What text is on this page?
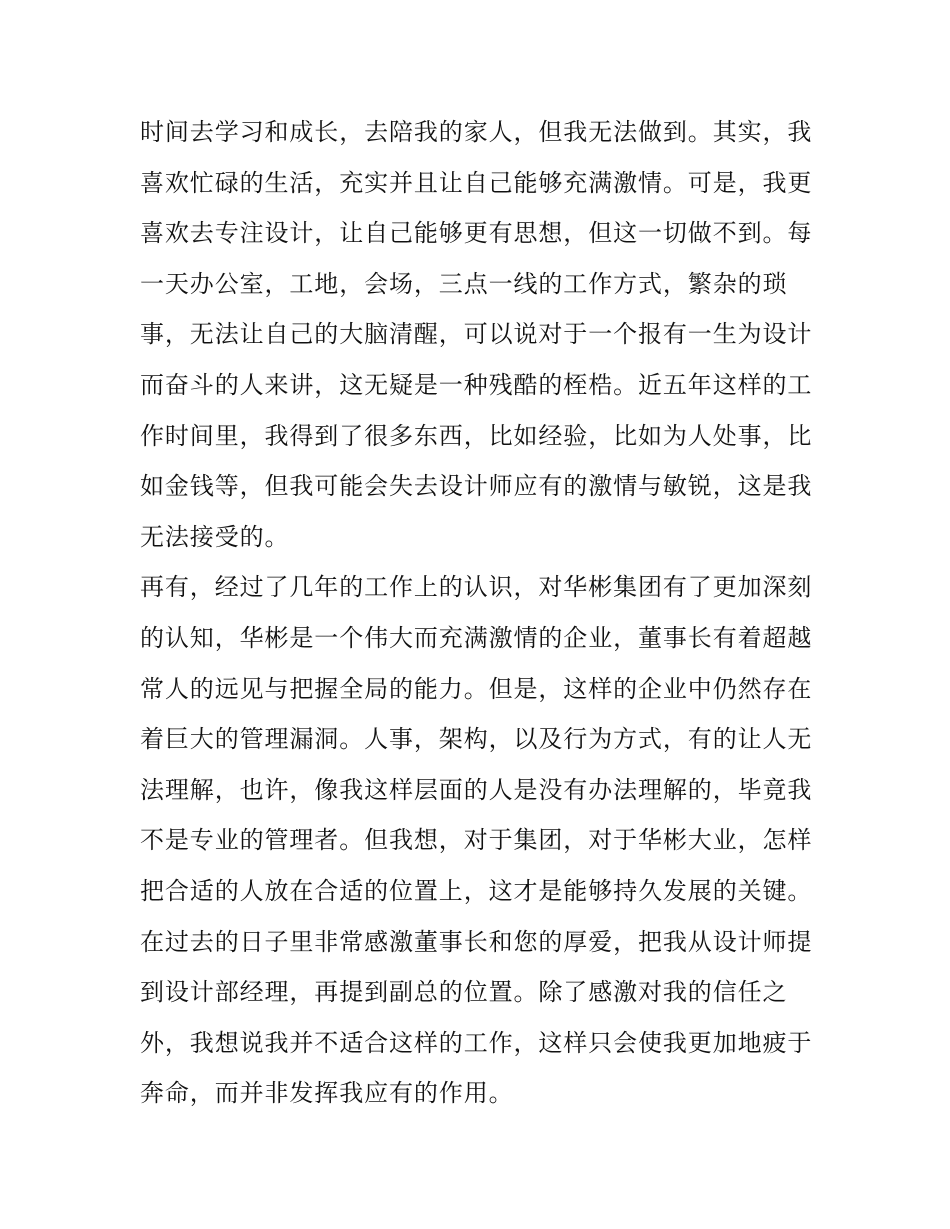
时间去学习和成长，去陪我的家人，但我无法做到。其实，我
喜欢忙碌的生活，充实并且让自己能够充满激情。可是，我更
喜欢去专注设计，让自己能够更有思想，但这一切做不到。每
一天办公室，工地，会场，三点一线的工作方式，繁杂的琐
事，无法让自己的大脑清醒，可以说对于一个报有一生为设计
而奋斗的人来讲，这无疑是一种残酷的桎梏。近五年这样的工
作时间里，我得到了很多东西，比如经验，比如为人处事，比
如金钱等，但我可能会失去设计师应有的激情与敏锐，这是我
无法接受的。
再有，经过了几年的工作上的认识，对华彬集团有了更加深刻
的认知，华彬是一个伟大而充满激情的企业，董事长有着超越
常人的远见与把握全局的能力。但是，这样的企业中仍然存在
着巨大的管理漏洞。人事，架构，以及行为方式，有的让人无
法理解，也许，像我这样层面的人是没有办法理解的，毕竟我
不是专业的管理者。但我想，对于集团，对于华彬大业，怎样
把合适的人放在合适的位置上，这才是能够持久发展的关键。
在过去的日子里非常感激董事长和您的厚爱，把我从设计师提
到设计部经理，再提到副总的位置。除了感激对我的信任之
外，我想说我并不适合这样的工作，这样只会使我更加地疲于
奔命，而并非发挥我应有的作用。
